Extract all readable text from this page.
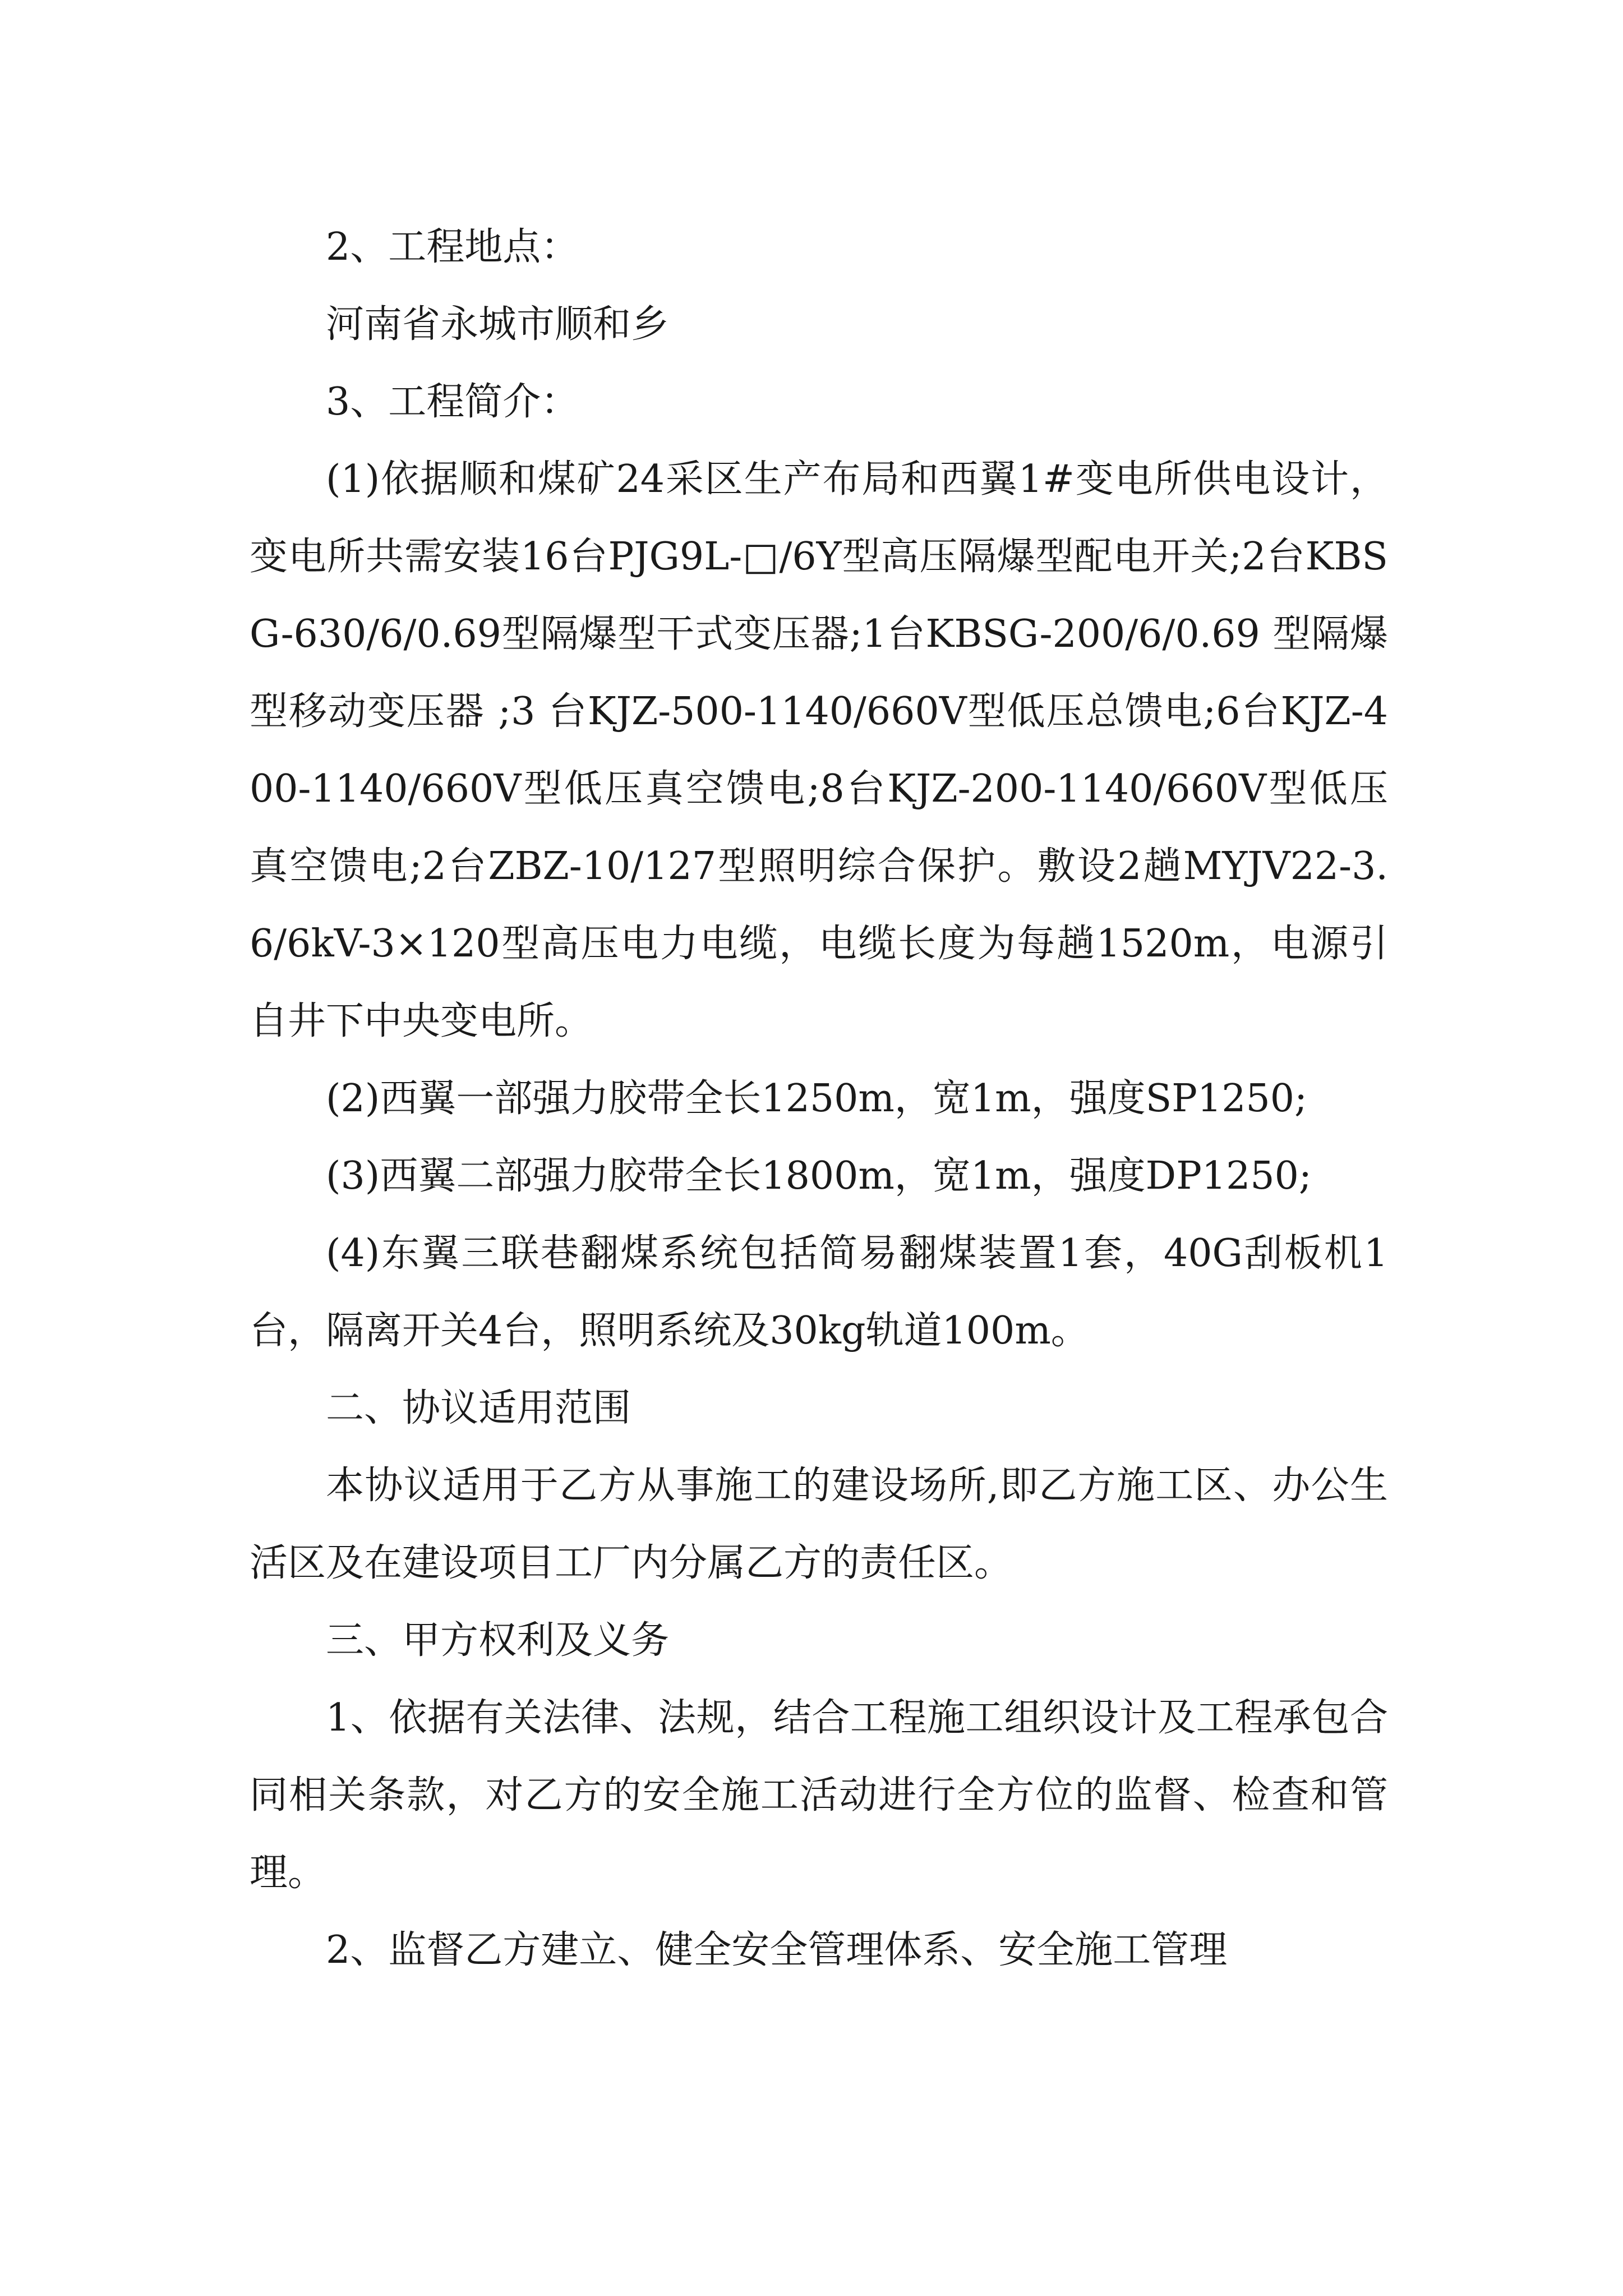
2、工程地点：

河南省永城市顺和乡

3、工程简介：

(1)依据顺和煤矿24采区生产布局和西翼1#变电所供电设计，变电所共需安装16台PJG9L-□/6Y型高压隔爆型配电开关;2台KBSG-630/6/0.69型隔爆型干式变压器;1台KBSG-200/6/0.69 型隔爆型移动变压器 ;3 台KJZ-500-1140/660V型低压总馈电;6台KJZ-400-1140/660V型低压真空馈电;8台KJZ-200-1140/660V型低压真空馈电;2台ZBZ-10/127型照明综合保护。敷设2趟MYJV22-3.6/6kV-3×120型高压电力电缆，电缆长度为每趟1520m，电源引自井下中央变电所。

(2)西翼一部强力胶带全长1250m，宽1m，强度SP1250;

(3)西翼二部强力胶带全长1800m，宽1m，强度DP1250;

(4)东翼三联巷翻煤系统包括简易翻煤装置1套，40G刮板机1台，隔离开关4台，照明系统及30kg轨道100m。

二、协议适用范围

本协议适用于乙方从事施工的建设场所,即乙方施工区、办公生活区及在建设项目工厂内分属乙方的责任区。

三、甲方权利及义务

1、依据有关法律、法规，结合工程施工组织设计及工程承包合同相关条款，对乙方的安全施工活动进行全方位的监督、检查和管理。

2、监督乙方建立、健全安全管理体系、安全施工管理
